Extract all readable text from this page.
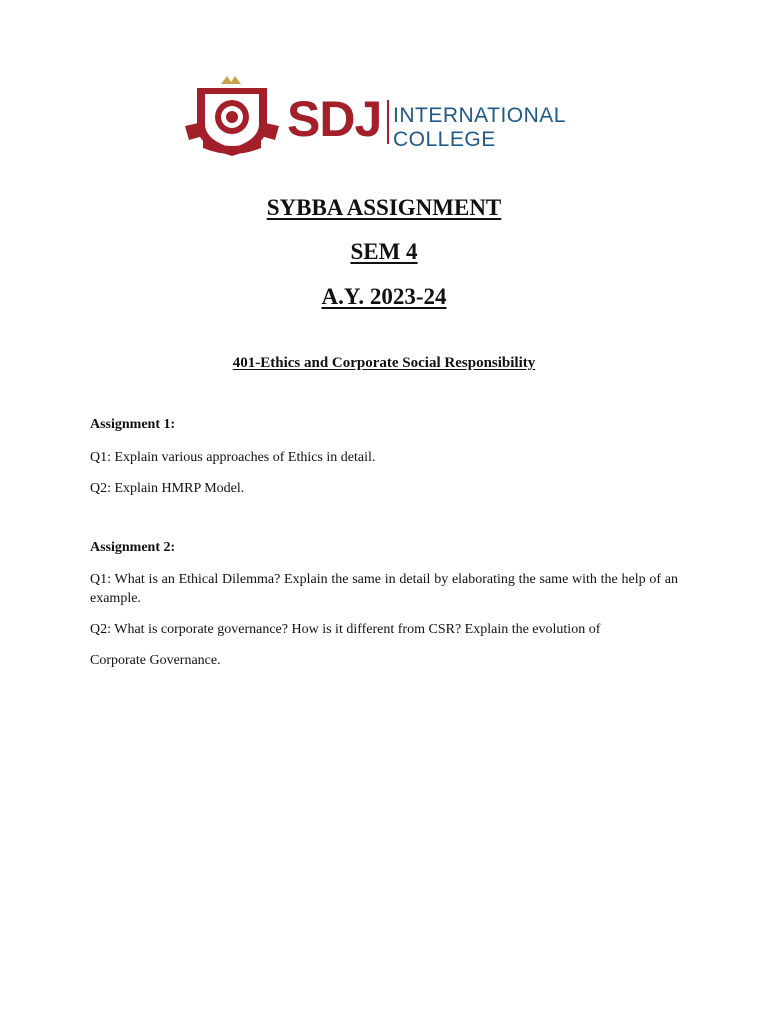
SDJ INTERNATIONAL
COLLEGE

SYBBA ASSIGNMENT

SEM 4

A.Y. 2023-24

401-Ethics and Corporate Social Responsibility

Assignment 1:

Q1: Explain various approaches of Ethics in detail.

Q2: Explain HMRP Model.

Assignment 2:

Q1: What is an Ethical Dilemma? Explain the same in detail by elaborating the same with the help of an example.

Q2: What is corporate governance? How is it different from CSR? Explain the evolution of

Corporate Governance.
